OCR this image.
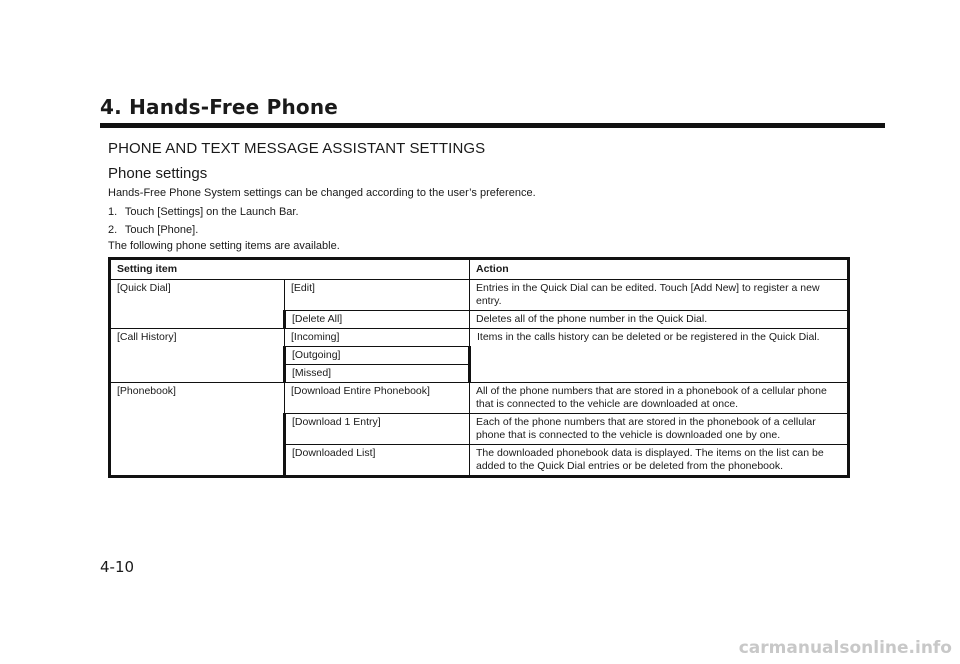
4. Hands-Free Phone
PHONE AND TEXT MESSAGE ASSISTANT SETTINGS
Phone settings
Hands-Free Phone System settings can be changed according to the user’s preference.
1. Touch [Settings] on the Launch Bar.
2. Touch [Phone].
The following phone setting items are available.
Setting item		Action
[Quick Dial]	[Edit]	Entries in the Quick Dial can be edited. Touch [Add New] to register a new entry.
	[Delete All]	Deletes all of the phone number in the Quick Dial.
[Call History]	[Incoming]	Items in the calls history can be deleted or be registered in the Quick Dial.
	[Outgoing]	
	[Missed]	
[Phonebook]	[Download Entire Phonebook]	All of the phone numbers that are stored in a phonebook of a cellular phone that is connected to the vehicle are downloaded at once.
	[Download 1 Entry]	Each of the phone numbers that are stored in the phonebook of a cellular phone that is connected to the vehicle is downloaded one by one.
	[Downloaded List]	The downloaded phonebook data is displayed. The items on the list can be added to the Quick Dial entries or be deleted from the phonebook.
4-10
carmanualsonline.info
